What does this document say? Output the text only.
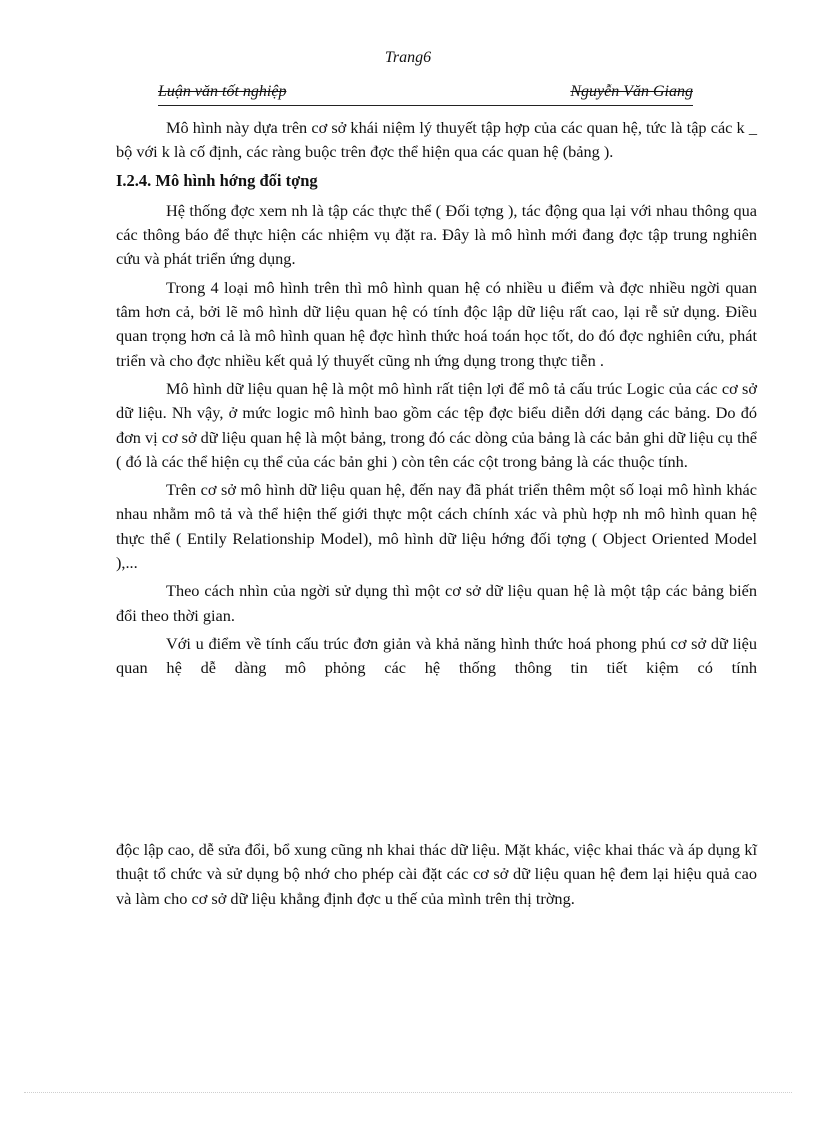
Trang6
Luận văn tốt nghiệp	Nguyễn Văn Giang

Mô hình này dựa trên cơ sở khái niệm lý thuyết tập hợp của các quan hệ, tức là tập các k _ bộ với k là cố định, các ràng buộc trên đợc thể hiện qua các quan hệ (bảng ).

I.2.4. Mô hình hớng đối tợng

Hệ thống đợc xem nh là tập các thực thể ( Đối tợng ), tác động qua lại với nhau thông qua các thông báo để thực hiện các nhiệm vụ đặt ra. Đây là mô hình mới đang đợc tập trung nghiên cứu và phát triển ứng dụng.

Trong 4 loại mô hình trên thì mô hình quan hệ có nhiều u điểm và đợc nhiều ngời quan tâm hơn cả, bởi lẽ mô hình dữ liệu quan hệ có tính độc lập dữ liệu rất cao, lại rễ sử dụng. Điều quan trọng hơn cả là mô hình quan hệ đợc hình thức hoá toán học tốt, do đó đợc nghiên cứu, phát triển và cho đợc nhiều kết quả lý thuyết cũng nh ứng dụng trong thực tiễn .

Mô hình dữ liệu quan hệ là một mô hình rất tiện lợi để mô tả cấu trúc Logic của các cơ sở dữ liệu. Nh vậy, ở mức logic mô hình bao gồm các tệp đợc biểu diễn dới dạng các bảng. Do đó đơn vị cơ sở dữ liệu quan hệ là một bảng, trong đó các dòng của bảng là các bản ghi dữ liệu cụ thể ( đó là các thể hiện cụ thể của các bản ghi ) còn tên các cột trong bảng là các thuộc tính.

Trên cơ sở mô hình dữ liệu quan hệ, đến nay đã phát triển thêm một số loại mô hình khác nhau nhằm mô tả và thể hiện thế giới thực một cách chính xác và phù hợp nh mô hình quan hệ thực thể ( Entily Relationship Model), mô hình dữ liệu hớng đối tợng ( Object Oriented Model ),...

Theo cách nhìn của ngời sử dụng thì một cơ sở dữ liệu quan hệ là một tập các bảng biến đổi theo thời gian.

Với u điểm về tính cấu trúc đơn giản và khả năng hình thức hoá phong phú cơ sở dữ liệu quan hệ dễ dàng mô phỏng các hệ thống thông tin tiết kiệm có tính

độc lập cao, dễ sửa đổi, bổ xung cũng nh khai thác dữ liệu. Mặt khác, việc khai thác và áp dụng kĩ thuật tổ chức và sử dụng bộ nhớ cho phép cài đặt các cơ sở dữ liệu quan hệ đem lại hiệu quả cao và làm cho cơ sở dữ liệu khẳng định đợc u thế của mình trên thị trờng.
